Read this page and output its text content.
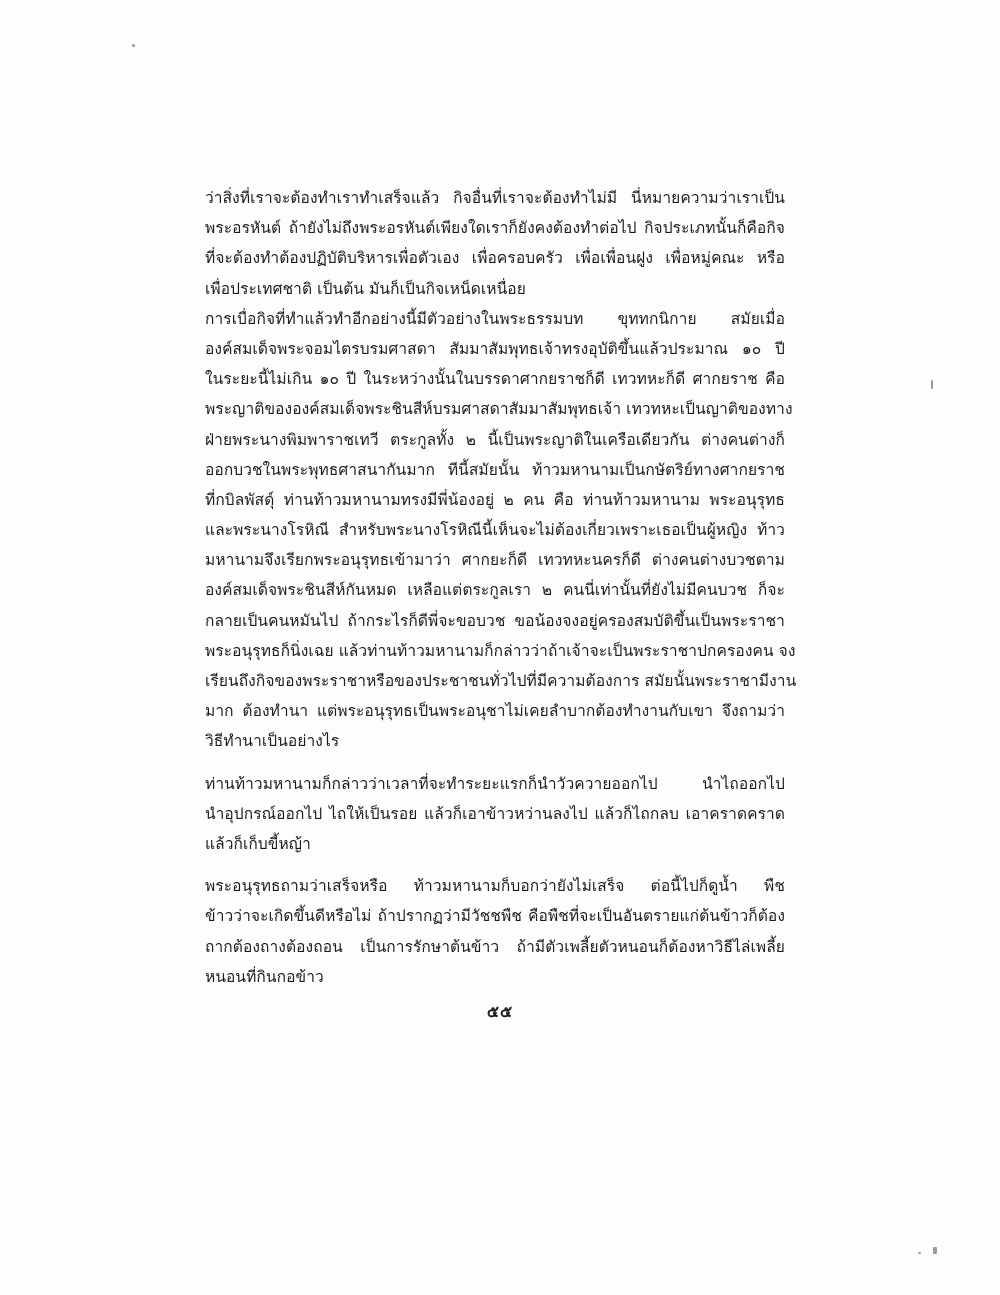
ว่าสิ่งที่เราจะต้องทำเราทำเสร็จแล้ว กิจอื่นที่เราจะต้องทำไม่มี นี่หมายความว่าเราเป็น
พระอรหันต์ ถ้ายังไม่ถึงพระอรหันต์เพียงใดเราก็ยังคงต้องทำต่อไป กิจประเภทนั้นก็คือกิจ
ที่จะต้องทำต้องปฏิบัติบริหารเพื่อตัวเอง เพื่อครอบครัว เพื่อเพื่อนฝูง เพื่อหมู่คณะ หรือ
เพื่อประเทศชาติ เป็นต้น มันก็เป็นกิจเหน็ดเหนื่อย
การเบื่อกิจที่ทำแล้วทำอีกอย่างนี้มีตัวอย่างในพระธรรมบท ขุททกนิกาย สมัยเมื่อ
องค์สมเด็จพระจอมไตรบรมศาสดา สัมมาสัมพุทธเจ้าทรงอุบัติขึ้นแล้วประมาณ ๑๐ ปี
ในระยะนี้ไม่เกิน ๑๐ ปี ในระหว่างนั้นในบรรดาศากยราชก็ดี เทวทหะก็ดี ศากยราช คือ
พระญาติขององค์สมเด็จพระชินสีห์บรมศาสดาสัมมาสัมพุทธเจ้า เทวทหะเป็นญาติของทาง
ฝ่ายพระนางพิมพาราชเทวี ตระกูลทั้ง ๒ นี้เป็นพระญาติในเครือเดียวกัน ต่างคนต่างก็
ออกบวชในพระพุทธศาสนากันมาก ทีนี้สมัยนั้น ท้าวมหานามเป็นกษัตริย์ทางศากยราช
ที่กบิลพัสดุ์ ท่านท้าวมหานามทรงมีพี่น้องอยู่ ๒ คน คือ ท่านท้าวมหานาม พระอนุรุทธ
และพระนางโรหิณี สำหรับพระนางโรหิณีนี้เห็นจะไม่ต้องเกี่ยวเพราะเธอเป็นผู้หญิง ท้าว
มหานามจึงเรียกพระอนุรุทธเข้ามาว่า ศากยะก็ดี เทวทหะนครก็ดี ต่างคนต่างบวชตาม
องค์สมเด็จพระชินสีห์กันหมด เหลือแต่ตระกูลเรา ๒ คนนี่เท่านั้นที่ยังไม่มีคนบวช ก็จะ
กลายเป็นคนหมันไป ถ้ากระไรก็ดีพี่จะขอบวช ขอน้องจงอยู่ครองสมบัติขึ้นเป็นพระราชา
พระอนุรุทธก็นิ่งเฉย แล้วท่านท้าวมหานามก็กล่าวว่าถ้าเจ้าจะเป็นพระราชาปกครองคน จง
เรียนถึงกิจของพระราชาหรือของประชาชนทั่วไปที่มีความต้องการ สมัยนั้นพระราชามีงาน
มาก ต้องทำนา แต่พระอนุรุทธเป็นพระอนุชาไม่เคยลำบากต้องทำงานกับเขา จึงถามว่า
วิธีทำนาเป็นอย่างไร
ท่านท้าวมหานามก็กล่าวว่าเวลาที่จะทำระยะแรกก็นำวัวควายออกไป นำไถออกไป
นำอุปกรณ์ออกไป ไถให้เป็นรอย แล้วก็เอาข้าวหว่านลงไป แล้วก็ไถกลบ เอาคราดคราด
แล้วก็เก็บขี้หญ้า
พระอนุรุทธถามว่าเสร็จหรือ ท้าวมหานามก็บอกว่ายังไม่เสร็จ ต่อนี้ไปก็ดูน้ำ พืช
ข้าวว่าจะเกิดขึ้นดีหรือไม่ ถ้าปรากฏว่ามีวัชชพืช คือพืชที่จะเป็นอันตรายแก่ต้นข้าวก็ต้อง
ถากต้องถางต้องถอน เป็นการรักษาต้นข้าว ถ้ามีตัวเพลี้ยตัวหนอนก็ต้องหาวิธีไล่เพลี้ย
หนอนที่กินกอข้าว
๕๕
